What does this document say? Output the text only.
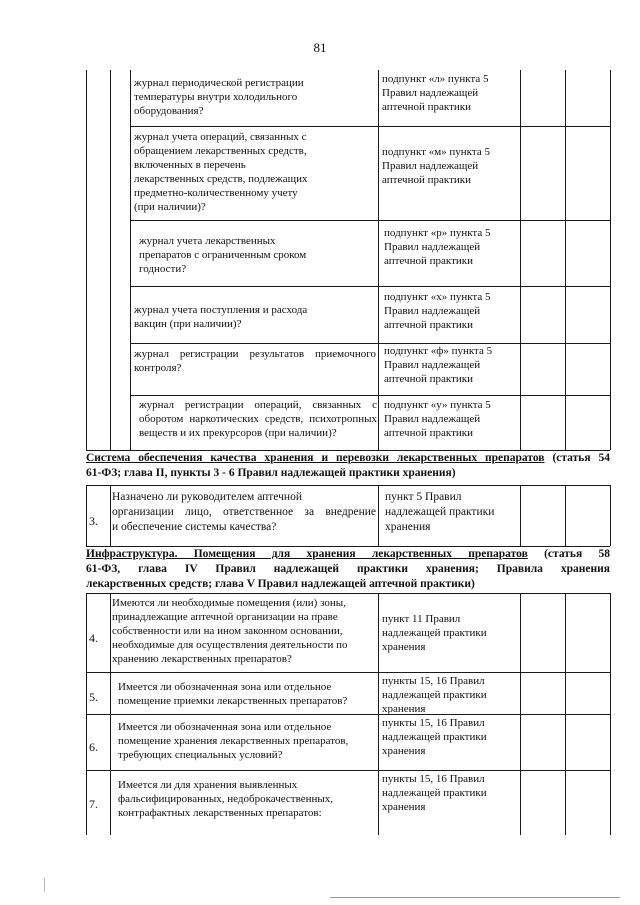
81
журнал периодической регистрации
температуры внутри холодильного
оборудования?
подпункт «л» пункта 5
Правил надлежащей
аптечной практики
журнал учета операций, связанных с
обращением лекарственных средств,
включенных в перечень
лекарственных средств, подлежащих
предметно-количественному учету
(при наличии)?
подпункт «м» пункта 5
Правил надлежащей
аптечной практики
журнал учета лекарственных
препаратов с ограниченным сроком
годности?
подпункт «р» пункта 5
Правил надлежащей
аптечной практики
журнал учета поступления и расхода
вакцин (при наличии)?
подпункт «х» пункта 5
Правил надлежащей
аптечной практики
журнал регистрации результатов приемочного
контроля?
подпункт «ф» пункта 5
Правил надлежащей
аптечной практики
журнал регистрации операций, связанных с
оборотом наркотических средств, психотропных
веществ и их прекурсоров (при наличии)?
подпункт «у» пункта 5
Правил надлежащей
аптечной практики
Система обеспечения качества хранения и перевозки лекарственных препаратов (статья 54
61-ФЗ; глава II, пункты 3 - 6 Правил надлежащей практики хранения)
3.
Назначено ли руководителем аптечной
организации лицо, ответственное за внедрение
и обеспечение системы качества?
пункт 5 Правил
надлежащей практики
хранения
Инфраструктура. Помещения для хранения лекарственных препаратов (статья 58
61-ФЗ, глава IV Правил надлежащей практики хранения; Правила хранения
лекарственных средств; глава V Правил надлежащей аптечной практики)
4.
Имеются ли необходимые помещения (или) зоны,
принадлежащие аптечной организации на праве
собственности или на ином законном основании,
необходимые для осуществления деятельности по
хранению лекарственных препаратов?
пункт 11 Правил
надлежащей практики
хранения
5.
Имеется ли обозначенная зона или отдельное
помещение приемки лекарственных препаратов?
пункты 15, 16 Правил
надлежащей практики
хранения
6.
Имеется ли обозначенная зона или отдельное
помещение хранения лекарственных препаратов,
требующих специальных условий?
пункты 15, 16 Правил
надлежащей практики
хранения
7.
Имеется ли для хранения выявленных
фальсифицированных, недоброкачественных,
контрафактных лекарственных препаратов:
пункты 15, 16 Правил
надлежащей практики
хранения
